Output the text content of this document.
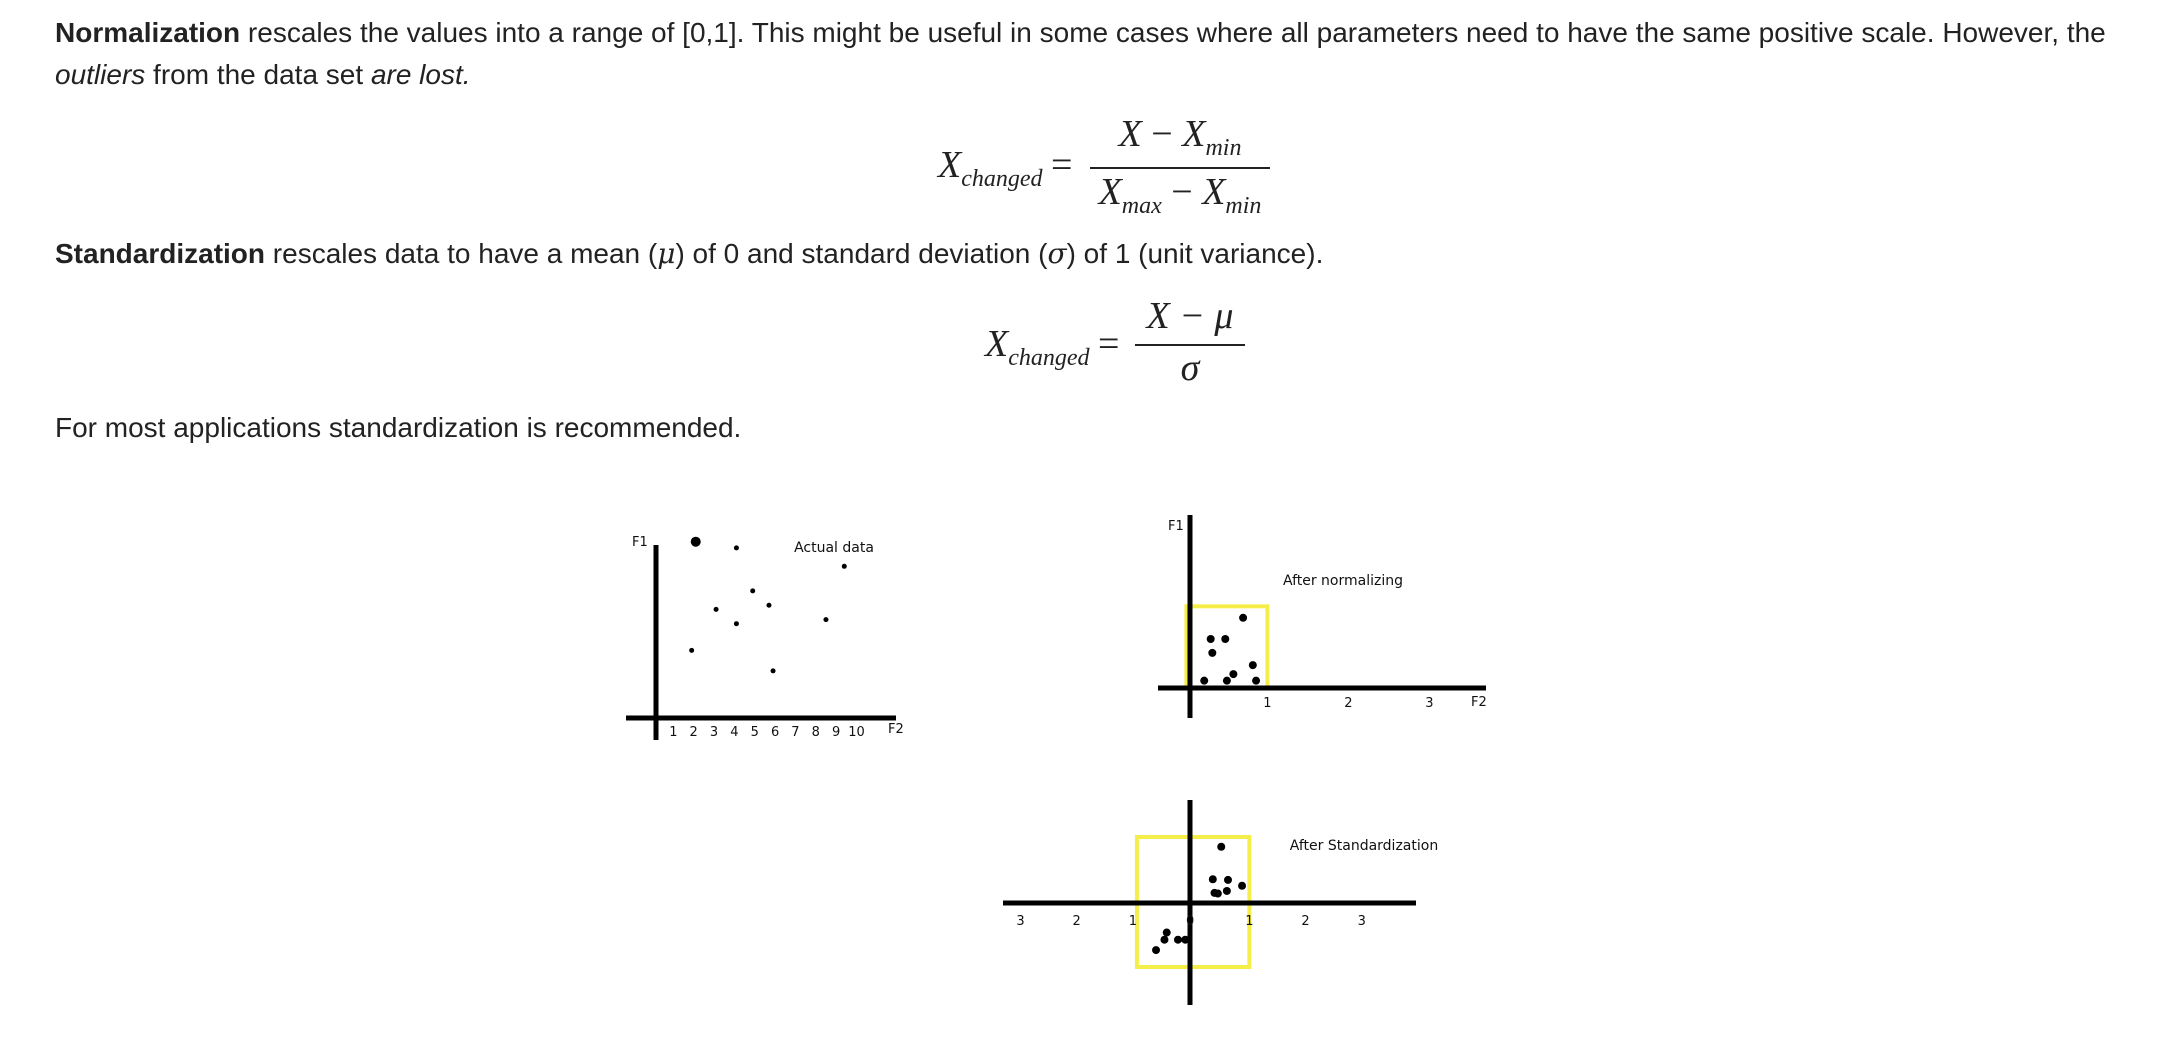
Normalization rescales the values into a range of [0,1]. This might be useful in some cases where all parameters need to have the same positive scale. However, the outliers from the data set are lost.

$X_{changed}$ =
$X - X_{min}$
$X_{max} - X_{min}$

Standardization rescales data to have a mean (μ) of 0 and standard deviation (σ) of 1 (unit variance).

$X_{changed}$ =
X − μ
σ

For most applications standardization is recommended.

1 2 3 4 5 6 7 8 9 10
Actual data
F2
F1
1	2	3
After normalizing
F2
F1
3	2	1	0	1	2	3
After Standardization
